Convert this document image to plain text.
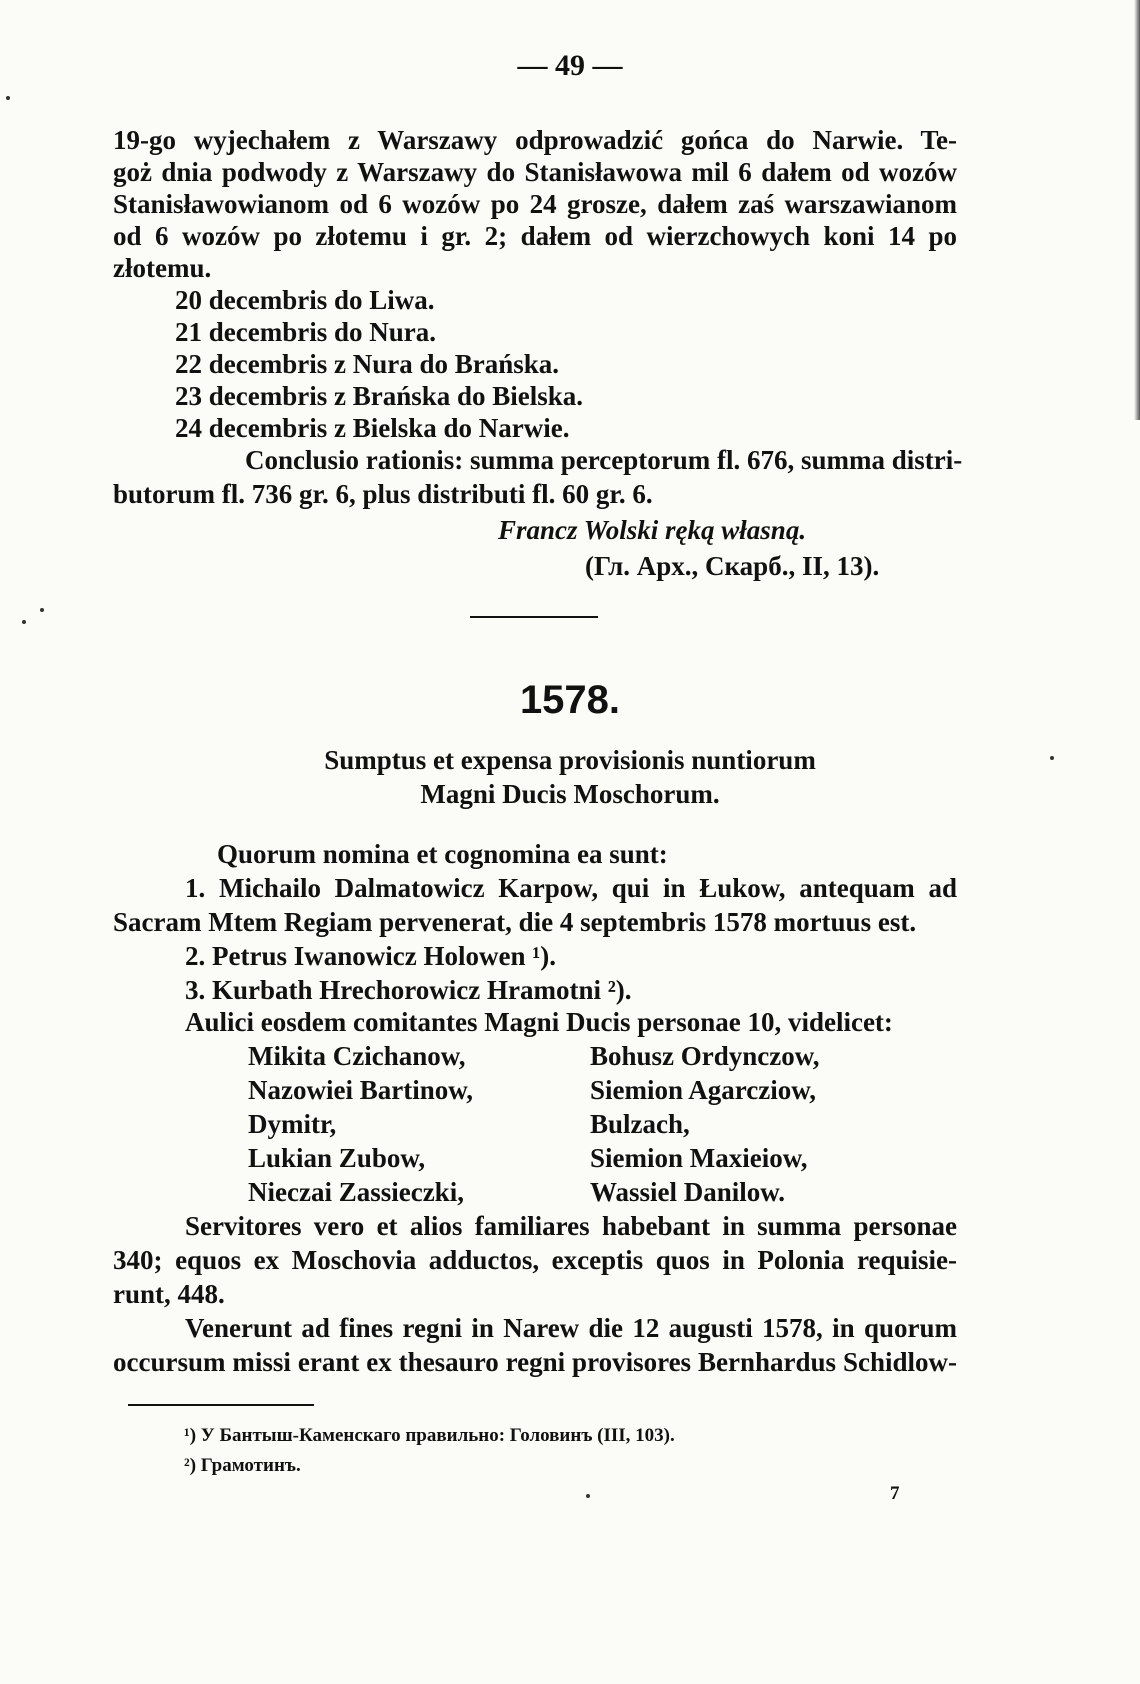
— 49 —
19-go wyjechałem z Warszawy odprowadzić gońca do Narwie. Te-
goż dnia podwody z Warszawy do Stanisławowa mil 6 dałem od wozów
Stanisławowianom od 6 wozów po 24 grosze, dałem zaś warszawianom
od 6 wozów po złotemu i gr. 2; dałem od wierzchowych koni 14 po
złotemu.
20 decembris do Liwa.
21 decembris do Nura.
22 decembris z Nura do Brańska.
23 decembris z Brańska do Bielska.
24 decembris z Bielska do Narwie.
Conclusio rationis: summa perceptorum fl. 676, summa distri-
butorum fl. 736 gr. 6, plus distributi fl. 60 gr. 6.
Francz Wolski ręką własną.
(Гл. Арх., Скарб., II, 13).
1578.
Sumptus et expensa provisionis nuntiorum
Magni Ducis Moschorum.
Quorum nomina et cognomina ea sunt:
1. Michailo Dalmatowicz Karpow, qui in Łukow, antequam ad
Sacram Mtem Regiam pervenerat, die 4 septembris 1578 mortuus est.
2. Petrus Iwanowicz Holowen ¹).
3. Kurbath Hrechorowicz Hramotni ²).
Aulici eosdem comitantes Magni Ducis personae 10, videlicet:
Mikita Czichanow,
Nazowiei Bartinow,
Dymitr,
Lukian Zubow,
Nieczai Zassieczki,
Bohusz Ordynczow,
Siemion Agarcziow,
Bulzach,
Siemion Maxieiow,
Wassiel Danilow.
Servitores vero et alios familiares habebant in summa personae
340; equos ex Moschovia adductos, exceptis quos in Polonia requisie-
runt, 448.
Venerunt ad fines regni in Narew die 12 augusti 1578, in quorum
occursum missi erant ex thesauro regni provisores Bernhardus Schidlow-
¹) У Бантыш-Каменскаго правильно: Головинъ (III, 103).
²) Грамотинъ.
7
